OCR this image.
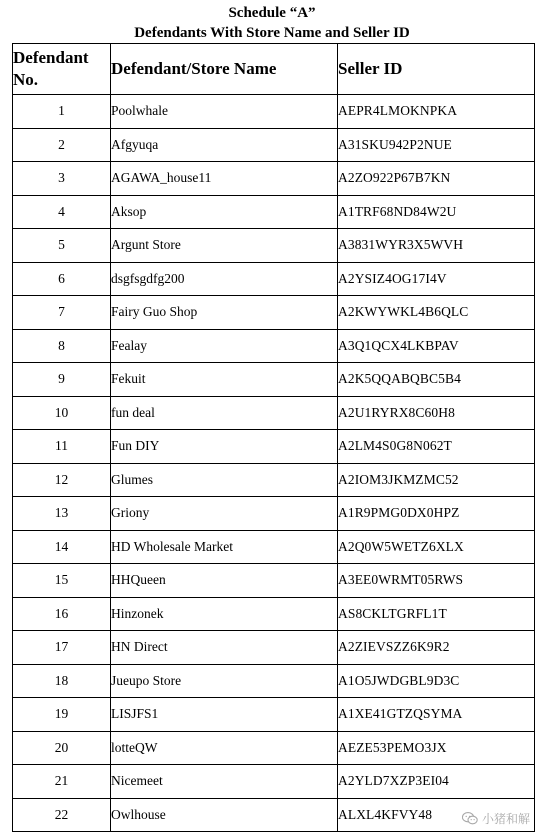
Schedule “A”
Defendants With Store Name and Seller ID
Defendant
No.	Defendant/Store Name	Seller ID
1	Poolwhale	AEPR4LMOKNPKA
2	Afgyuqa	A31SKU942P2NUE
3	AGAWA_house11	A2ZO922P67B7KN
4	Aksop	A1TRF68ND84W2U
5	Argunt Store	A3831WYR3X5WVH
6	dsgfsgdfg200	A2YSIZ4OG17I4V
7	Fairy Guo Shop	A2KWYWKL4B6QLC
8	Fealay	A3Q1QCX4LKBPAV
9	Fekuit	A2K5QQABQBC5B4
10	fun deal	A2U1RYRX8C60H8
11	Fun DIY	A2LM4S0G8N062T
12	Glumes	A2IOM3JKMZMC52
13	Griony	A1R9PMG0DX0HPZ
14	HD Wholesale Market	A2Q0W5WETZ6XLX
15	HHQueen	A3EE0WRMT05RWS
16	Hinzonek	AS8CKLTGRFL1T
17	HN Direct	A2ZIEVSZZ6K9R2
18	Jueupo Store	A1O5JWDGBL9D3C
19	LISJFS1	A1XE41GTZQSYMA
20	lotteQW	AEZE53PEMO3JX
21	Nicemeet	A2YLD7XZP3EI04
22	Owlhouse	ALXL4KFVY48	小猪和解
